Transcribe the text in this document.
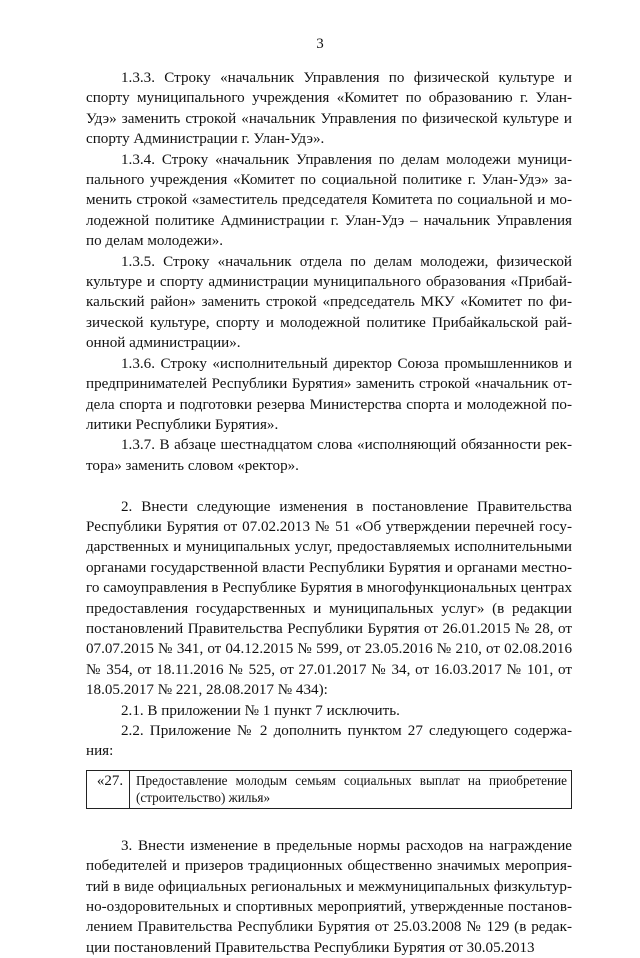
3

1.3.3. Строку «начальник Управления по физической культуре и спорту муниципального учреждения «Комитет по образованию г. Улан-Удэ» заменить строкой «начальник Управления по физической культуре и спорту Администрации г. Улан-Удэ».

1.3.4. Строку «начальник Управления по делам молодежи муниципального учреждения «Комитет по социальной политике г. Улан-Удэ» заменить строкой «заместитель председателя Комитета по социальной и молодежной политике Администрации г. Улан-Удэ – начальник Управления по делам молодежи».

1.3.5. Строку «начальник отдела по делам молодежи, физической культуре и спорту администрации муниципального образования «Прибайкальский район» заменить строкой «председатель МКУ «Комитет по физической культуре, спорту и молодежной политике Прибайкальской районной администрации».

1.3.6. Строку «исполнительный директор Союза промышленников и предпринимателей Республики Бурятия» заменить строкой «начальник отдела спорта и подготовки резерва Министерства спорта и молодежной политики Республики Бурятия».

1.3.7. В абзаце шестнадцатом слова «исполняющий обязанности ректора» заменить словом «ректор».

2. Внести следующие изменения в постановление Правительства Республики Бурятия от 07.02.2013 № 51 «Об утверждении перечней государственных и муниципальных услуг, предоставляемых исполнительными органами государственной власти Республики Бурятия и органами местного самоуправления в Республике Бурятия в многофункциональных центрах предоставления государственных и муниципальных услуг» (в редакции постановлений Правительства Республики Бурятия от 26.01.2015 № 28, от 07.07.2015 № 341, от 04.12.2015 № 599, от 23.05.2016 № 210, от 02.08.2016 № 354, от 18.11.2016 № 525, от 27.01.2017 № 34, от 16.03.2017 № 101, от 18.05.2017 № 221, 28.08.2017 № 434):

2.1. В приложении № 1 пункт 7 исключить.

2.2. Приложение № 2 дополнить пунктом 27 следующего содержания:

«27. Предоставление молодым семьям социальных выплат на приобретение (строительство) жилья»

3. Внести изменение в предельные нормы расходов на награждение победителей и призеров традиционных общественно значимых мероприятий в виде официальных региональных и межмуниципальных физкультурно-оздоровительных и спортивных мероприятий, утвержденные постановлением Правительства Республики Бурятия от 25.03.2008 № 129 (в редакции постановлений Правительства Республики Бурятия от 30.05.2013
